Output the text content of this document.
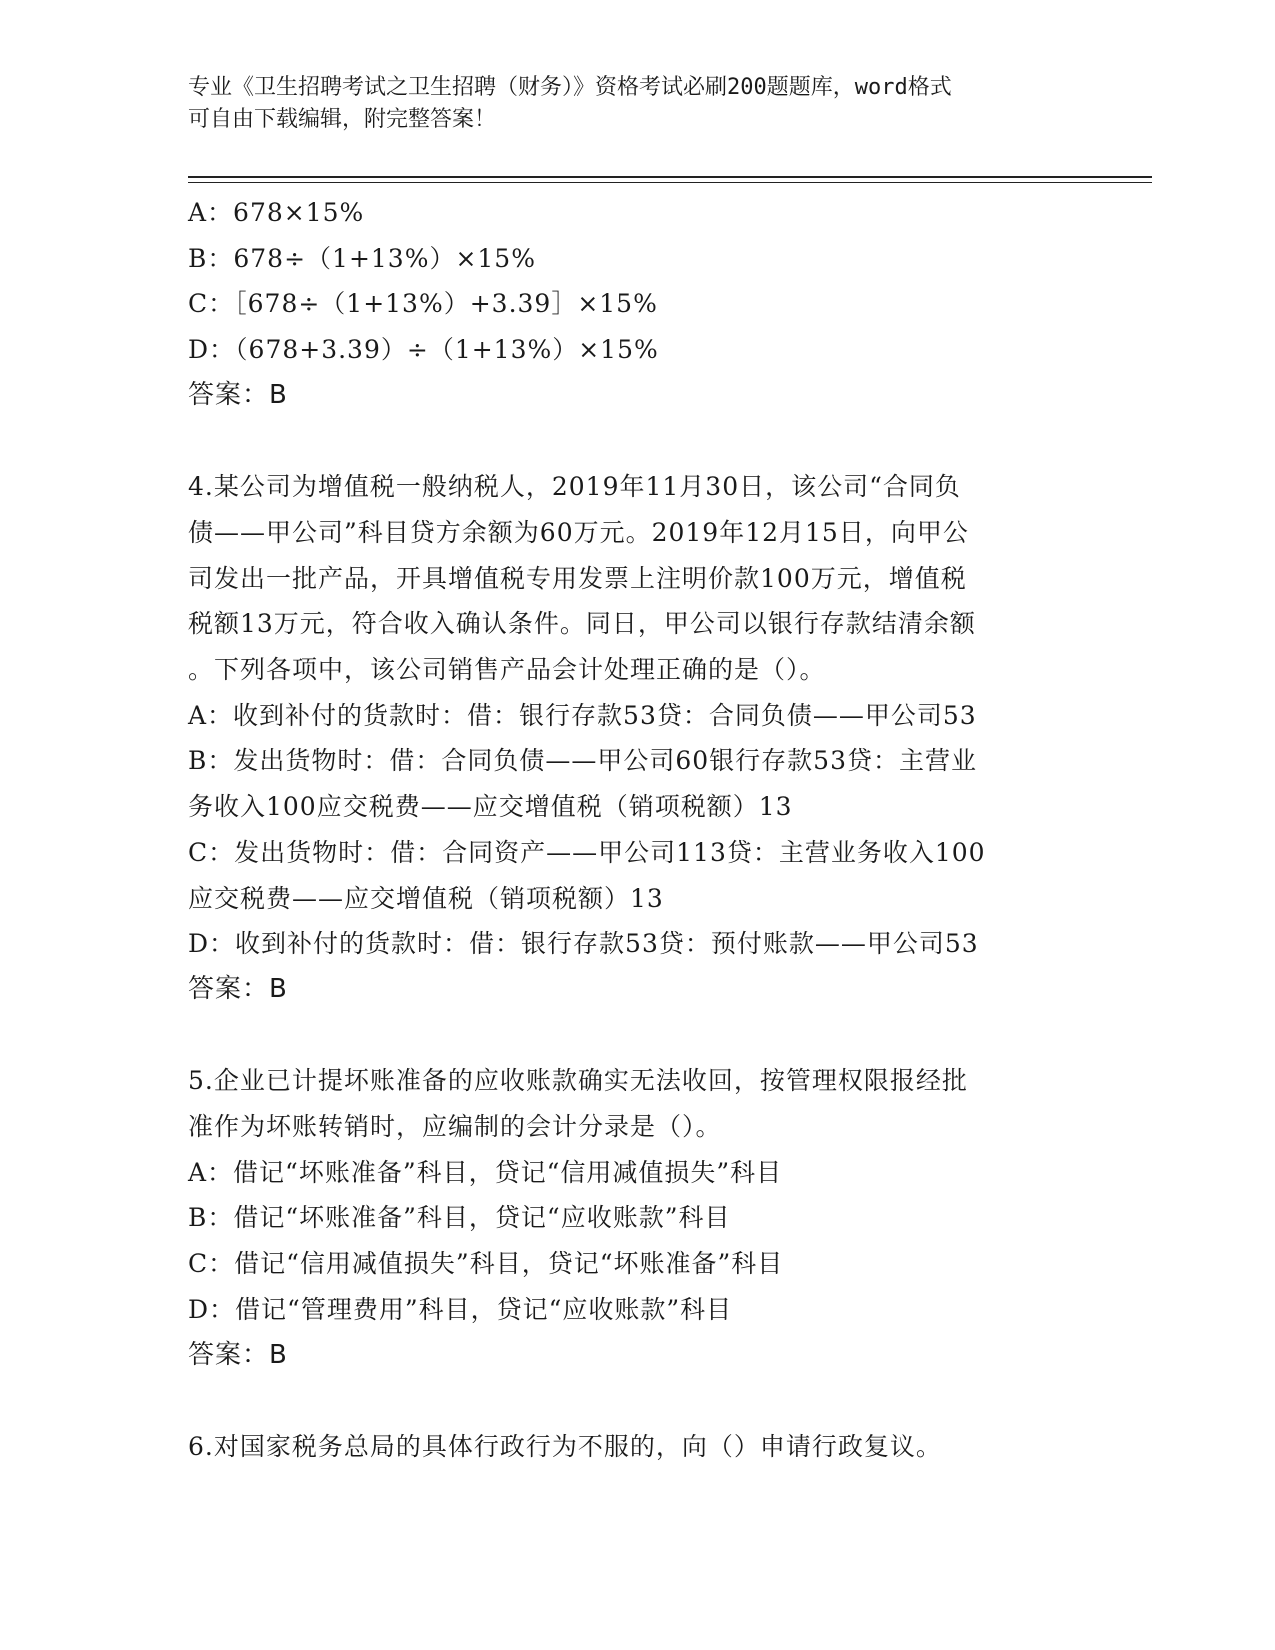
专业《卫生招聘考试之卫生招聘（财务）》资格考试必刷200题题库，word格式
可自由下载编辑，附完整答案！
A：678×15%
B：678÷（1+13%）×15%
C：［678÷（1+13%）+3.39］×15%
D：（678+3.39）÷（1+13%）×15%
答案：B
4.某公司为增值税一般纳税人，2019年11月30日，该公司“合同负
债——甲公司”科目贷方余额为60万元。2019年12月15日，向甲公
司发出一批产品，开具增值税专用发票上注明价款100万元，增值税
税额13万元，符合收入确认条件。同日，甲公司以银行存款结清余额
。下列各项中，该公司销售产品会计处理正确的是（）。
A：收到补付的货款时：借：银行存款53贷：合同负债——甲公司53
B：发出货物时：借：合同负债——甲公司60银行存款53贷：主营业
务收入100应交税费——应交增值税（销项税额）13
C：发出货物时：借：合同资产——甲公司113贷：主营业务收入100
应交税费——应交增值税（销项税额）13
D：收到补付的货款时：借：银行存款53贷：预付账款——甲公司53
答案：B
5.企业已计提坏账准备的应收账款确实无法收回，按管理权限报经批
准作为坏账转销时，应编制的会计分录是（）。
A：借记“坏账准备”科目，贷记“信用减值损失”科目
B：借记“坏账准备”科目，贷记“应收账款”科目
C：借记“信用减值损失”科目，贷记“坏账准备”科目
D：借记“管理费用”科目，贷记“应收账款”科目
答案：B
6.对国家税务总局的具体行政行为不服的，向（）申请行政复议。
